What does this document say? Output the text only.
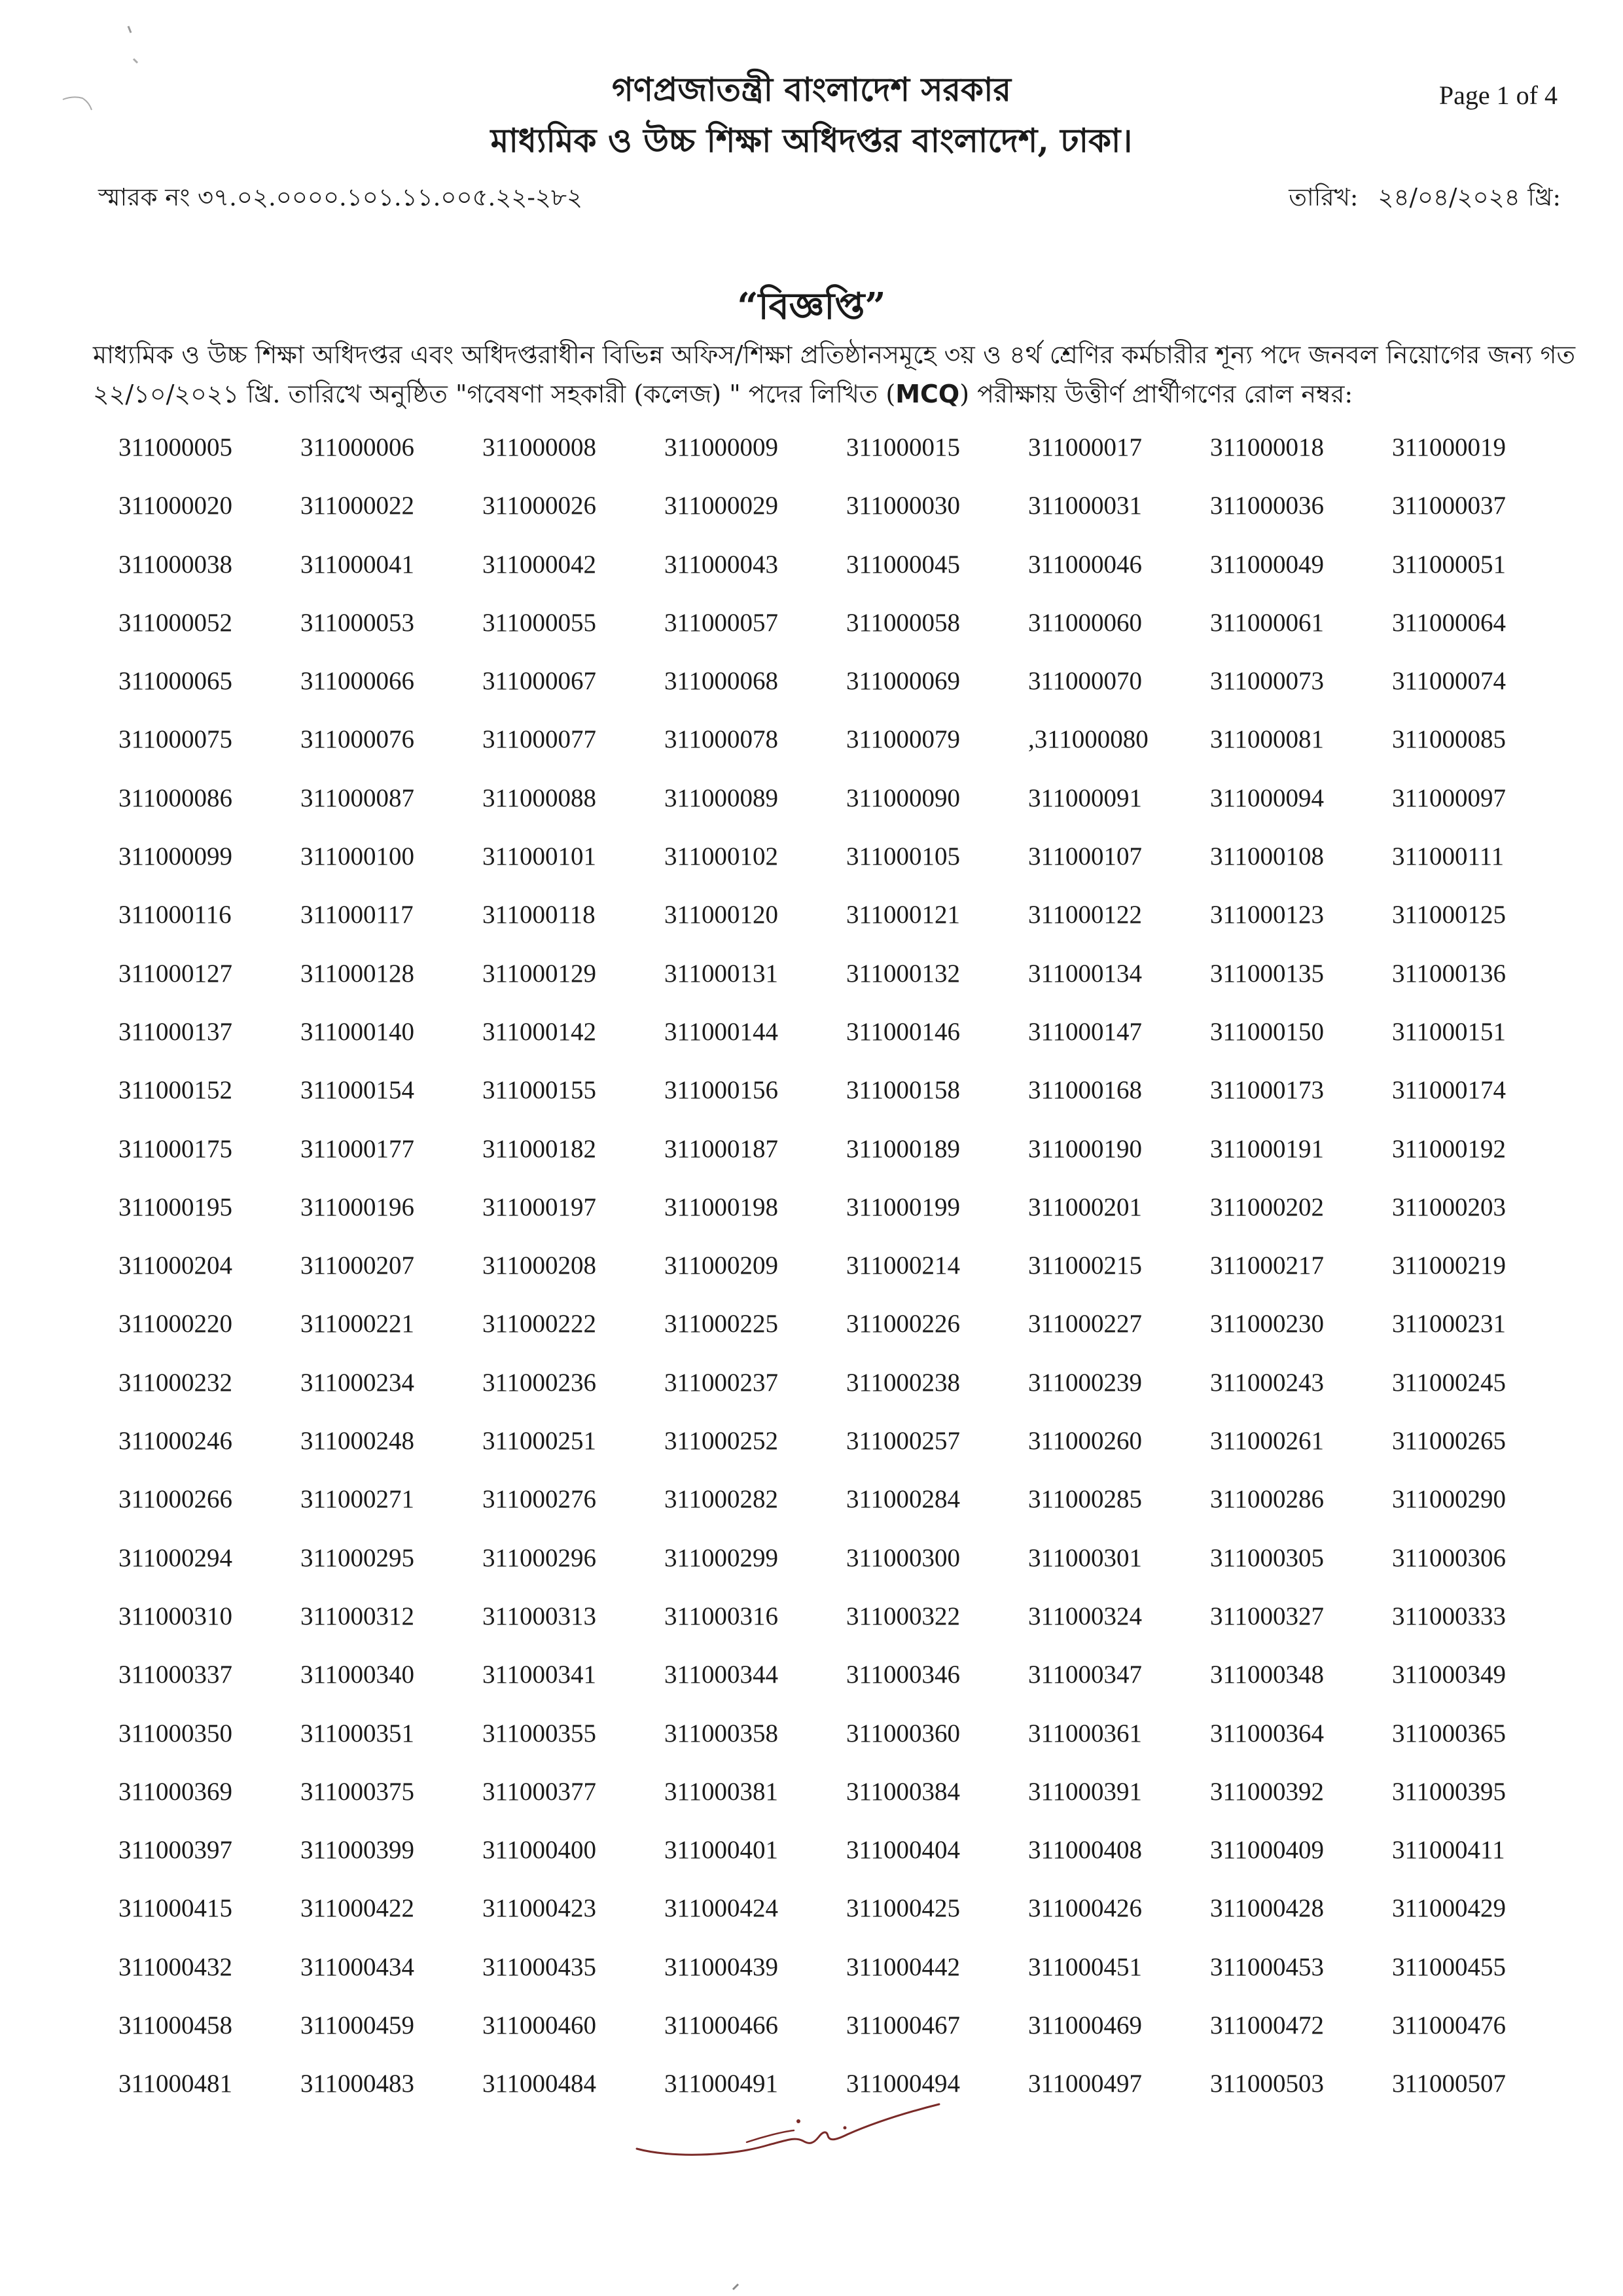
গণপ্রজাতন্ত্রী বাংলাদেশ সরকার
মাধ্যমিক ও উচ্চ শিক্ষা অধিদপ্তর বাংলাদেশ, ঢাকা।
Page 1 of 4
স্মারক নং ৩৭.০২.০০০০.১০১.১১.০০৫.২২-২৮২	তারিখ: ২৪/০৪/২০২৪ খ্রি:
“বিজ্ঞপ্তি”
মাধ্যমিক ও উচ্চ শিক্ষা অধিদপ্তর এবং অধিদপ্তরাধীন বিভিন্ন অফিস/শিক্ষা প্রতিষ্ঠানসমূহে ৩য় ও ৪র্থ শ্রেণির কর্মচারীর শূন্য পদে জনবল নিয়োগের জন্য গত ২২/১০/২০২১ খ্রি. তারিখে অনুষ্ঠিত "গবেষণা সহকারী (কলেজ) " পদের লিখিত (MCQ) পরীক্ষায় উত্তীর্ণ প্রার্থীগণের রোল নম্বর:
311000005	311000006	311000008	311000009	311000015	311000017	311000018	311000019
311000020	311000022	311000026	311000029	311000030	311000031	311000036	311000037
311000038	311000041	311000042	311000043	311000045	311000046	311000049	311000051
311000052	311000053	311000055	311000057	311000058	311000060	311000061	311000064
311000065	311000066	311000067	311000068	311000069	311000070	311000073	311000074
311000075	311000076	311000077	311000078	311000079	,311000080	311000081	311000085
311000086	311000087	311000088	311000089	311000090	311000091	311000094	311000097
311000099	311000100	311000101	311000102	311000105	311000107	311000108	311000111
311000116	311000117	311000118	311000120	311000121	311000122	311000123	311000125
311000127	311000128	311000129	311000131	311000132	311000134	311000135	311000136
311000137	311000140	311000142	311000144	311000146	311000147	311000150	311000151
311000152	311000154	311000155	311000156	311000158	311000168	311000173	311000174
311000175	311000177	311000182	311000187	311000189	311000190	311000191	311000192
311000195	311000196	311000197	311000198	311000199	311000201	311000202	311000203
311000204	311000207	311000208	311000209	311000214	311000215	311000217	311000219
311000220	311000221	311000222	311000225	311000226	311000227	311000230	311000231
311000232	311000234	311000236	311000237	311000238	311000239	311000243	311000245
311000246	311000248	311000251	311000252	311000257	311000260	311000261	311000265
311000266	311000271	311000276	311000282	311000284	311000285	311000286	311000290
311000294	311000295	311000296	311000299	311000300	311000301	311000305	311000306
311000310	311000312	311000313	311000316	311000322	311000324	311000327	311000333
311000337	311000340	311000341	311000344	311000346	311000347	311000348	311000349
311000350	311000351	311000355	311000358	311000360	311000361	311000364	311000365
311000369	311000375	311000377	311000381	311000384	311000391	311000392	311000395
311000397	311000399	311000400	311000401	311000404	311000408	311000409	311000411
311000415	311000422	311000423	311000424	311000425	311000426	311000428	311000429
311000432	311000434	311000435	311000439	311000442	311000451	311000453	311000455
311000458	311000459	311000460	311000466	311000467	311000469	311000472	311000476
311000481	311000483	311000484	311000491	311000494	311000497	311000503	311000507
